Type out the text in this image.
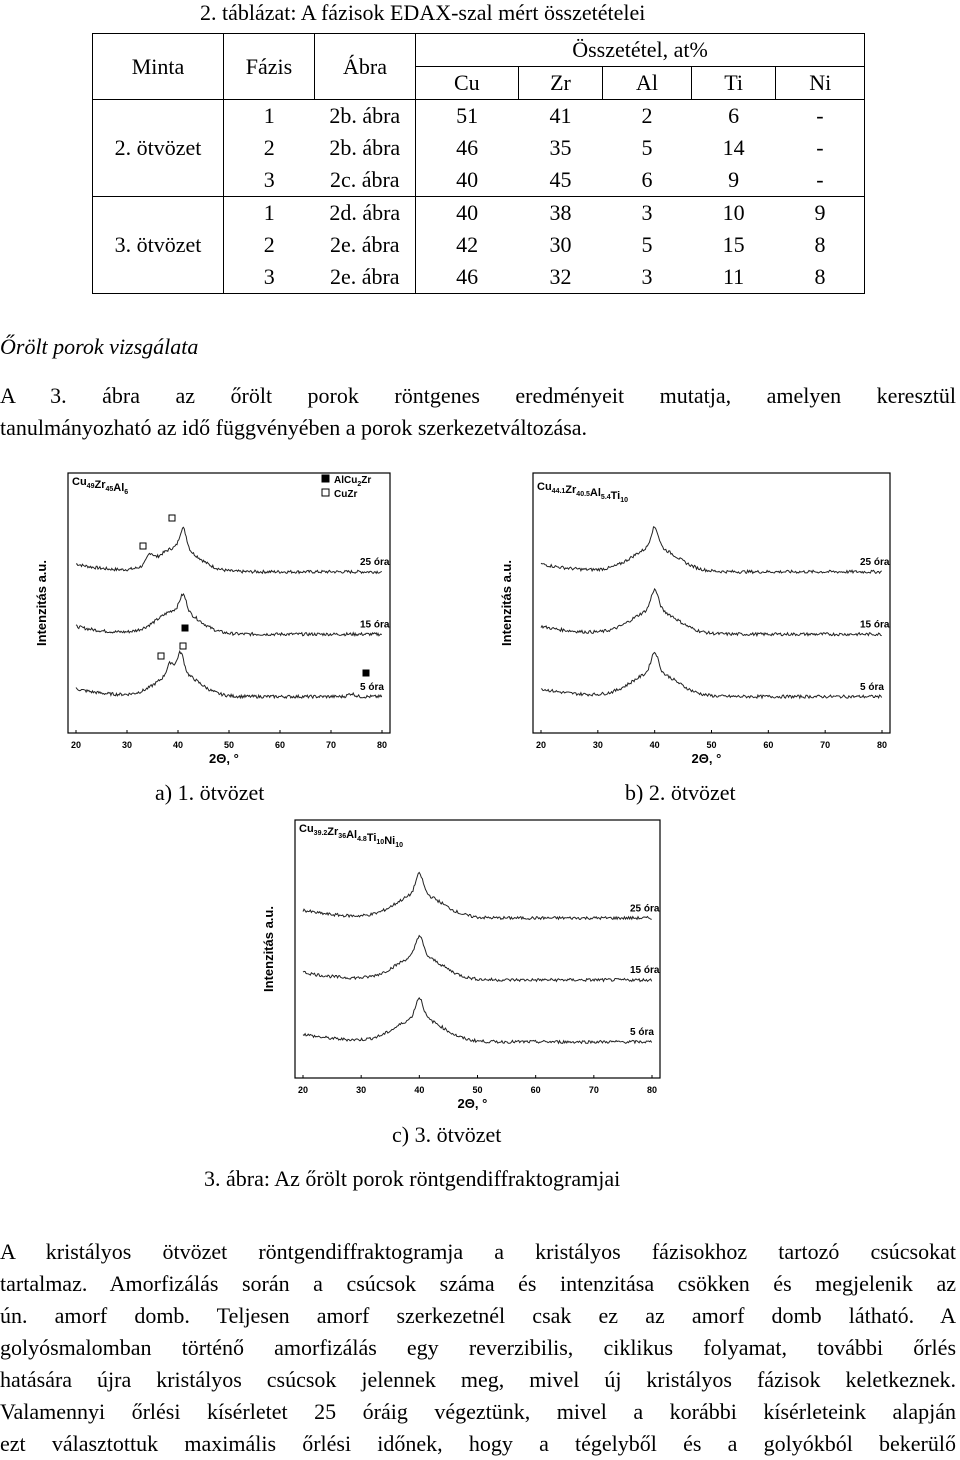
2. táblázat: A fázisok EDAX-szal mért összetételei
Minta	Fázis	Ábra	Összetétel, at%				
			Cu	Zr	Al	Ti	Ni
2. ötvözet	1	2b. ábra	51	41	2	6	-
	2	2b. ábra	46	35	5	14	-
	3	2c. ábra	40	45	6	9	-
3. ötvözet	1	2d. ábra	40	38	3	10	9
	2	2e. ábra	42	30	5	15	8
	3	2e. ábra	46	32	3	11	8
Őrölt porok vizsgálata
A 3. ábra az őrölt porok röntgenes eredményeit mutatja, amelyen keresztül
tanulmányozható az idő függvényében a porok szerkezetváltozása.
$Cu_{49}Zr_{45}Al_6$
Intenzitás a.u.
20	30	40	50	60	70	80
2Θ, °
25 óra
15 óra
5 óra
AlCu$_2$Zr
CuZr
a) 1. ötvözet
$Cu_{44.1}Zr_{40.5}Al_{5.4}Ti_{10}$
Intenzitás a.u.
20	30	40	50	60	70	80
2Θ, °
25 óra
15 óra
5 óra
b) 2. ötvözet
$Cu_{39.2}Zr_{36}Al_{4.8}Ti_{10}Ni_{10}$
Intenzitás a.u.
20	30	40	50	60	70	80
2Θ, °
25 óra
15 óra
5 óra
c) 3. ötvözet
3. ábra: Az őrölt porok röntgendiffraktogramjai
A kristályos ötvözet röntgendiffraktogramja a kristályos fázisokhoz tartozó csúcsokat
tartalmaz. Amorfizálás során a csúcsok száma és intenzitása csökken és megjelenik az
ún. amorf domb. Teljesen amorf szerkezetnél csak ez az amorf domb látható. A
golyósmalomban történő amorfizálás egy reverzibilis, ciklikus folyamat, további őrlés
hatására újra kristályos csúcsok jelennek meg, mivel új kristályos fázisok keletkeznek.
Valamennyi őrlési kísérletet 25 óráig végeztünk, mivel a korábbi kísérleteink alapján
ezt választottuk maximális őrlési időnek, hogy a tégelyből és a golyókból bekerülő
